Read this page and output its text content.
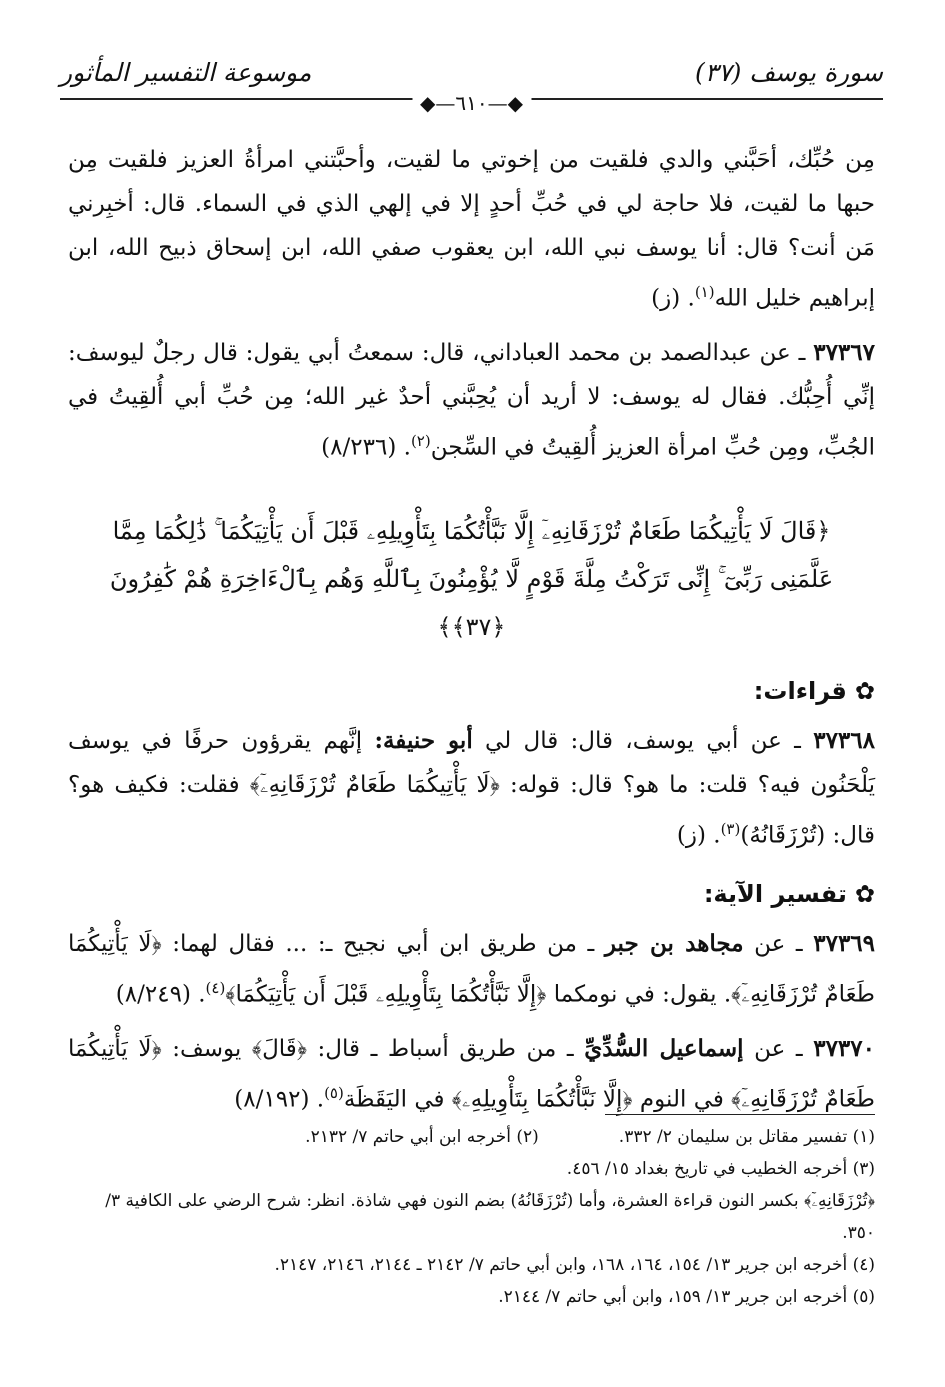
موسوعة التفسير المأثور	سورة يوسف (٣٧)
◆—٦١٠—◆

مِن حُبِّك، أحَبَّني والدي فلقيت من إخوتي ما لقيت، وأحبَّتني امرأةُ العزيز فلقيت مِن حبها ما لقيت، فلا حاجة لي في حُبِّ أحدٍ إلا في إلهي الذي في السماء. قال: أخبِرني مَن أنت؟ قال: أنا يوسف نبي الله، ابن يعقوب صفي الله، ابن إسحاق ذبيح الله، ابن إبراهيم خليل الله$^{(١)}$. (ز)

٣٧٣٦٧ ـ عن عبدالصمد بن محمد العباداني، قال: سمعتُ أبي يقول: قال رجلٌ ليوسف: إنِّي أُحِبُّك. فقال له يوسف: لا أريد أن يُحِبَّني أحدٌ غير الله؛ مِن حُبِّ أبي أُلقِيتُ في الجُبِّ، ومِن حُبِّ امرأة العزيز أُلقِيتُ في السِّجن$^{(٢)}$. (٨/٢٣٦)

﴿قَالَ لَا يَأْتِيكُمَا طَعَامٌ تُرْزَقَانِهِۦٓ إِلَّا نَبَّأْتُكُمَا بِتَأْوِيلِهِۦ قَبْلَ أَن يَأْتِيَكُمَا ۚ ذَٰلِكُمَا مِمَّا عَلَّمَنِى رَبِّىٓ ۚ إِنِّى تَرَكْتُ مِلَّةَ قَوْمٍ لَّا يُؤْمِنُونَ بِٱللَّهِ وَهُم بِٱلْءَاخِرَةِ هُمْ كَٰفِرُونَ ﴿٣٧﴾﴾
✿
قراءات:

٣٧٣٦٨ ـ عن أبي يوسف، قال: قال لي أبو حنيفة: إنَّهم يقرؤون حرفًا في يوسف يَلْحَنُون فيه؟ قلت: ما هو؟ قال: قوله: ﴿لَا يَأْتِيكُمَا طَعَامٌ تُرْزَقَانِهِۦٓ﴾ فقلت: فكيف هو؟ قال: (تُرْزَقَانُهُ)$^{(٣)}$. (ز)

✿
تفسير الآية:

٣٧٣٦٩ ـ عن مجاهد بن جبر ـ من طريق ابن أبي نجيح ـ: ... فقال لهما: ﴿لَا يَأْتِيكُمَا طَعَامٌ تُرْزَقَانِهِۦٓ﴾. يقول: في نومكما ﴿إِلَّا نَبَّأْتُكُمَا بِتَأْوِيلِهِۦ قَبْلَ أَن يَأْتِيَكُمَا﴾$^{(٤)}$. (٨/٢٤٩)

٣٧٣٧٠ ـ عن إسماعيل السُّدِّيِّ ـ من طريق أسباط ـ قال: ﴿قَالَ﴾ يوسف: ﴿لَا يَأْتِيكُمَا طَعَامٌ تُرْزَقَانِهِۦٓ﴾ في النوم ﴿إِلَّا نَبَّأْتُكُمَا بِتَأْوِيلِهِۦ﴾ في اليَقَظَة$^{(٥)}$. (٨/١٩٢)

(١) تفسير مقاتل بن سليمان ٢/ ٣٣٢.
(٢) أخرجه ابن أبي حاتم ٧/ ٢١٣٢.
(٣) أخرجه الخطيب في تاريخ بغداد ١٥/ ٤٥٦.
﴿تُرْزَقَانِهِۦٓ﴾ بكسر النون قراءة العشرة، وأما (تُرْزَقَانُهُ) بضم النون فهي شاذة. انظر: شرح الرضي على الكافية ٣/ ٣٥٠.
(٤) أخرجه ابن جرير ١٣/ ١٥٤، ١٦٤، ١٦٨، وابن أبي حاتم ٧/ ٢١٤٢ ـ ٢١٤٤، ٢١٤٦، ٢١٤٧.
(٥) أخرجه ابن جرير ١٣/ ١٥٩، وابن أبي حاتم ٧/ ٢١٤٤.
